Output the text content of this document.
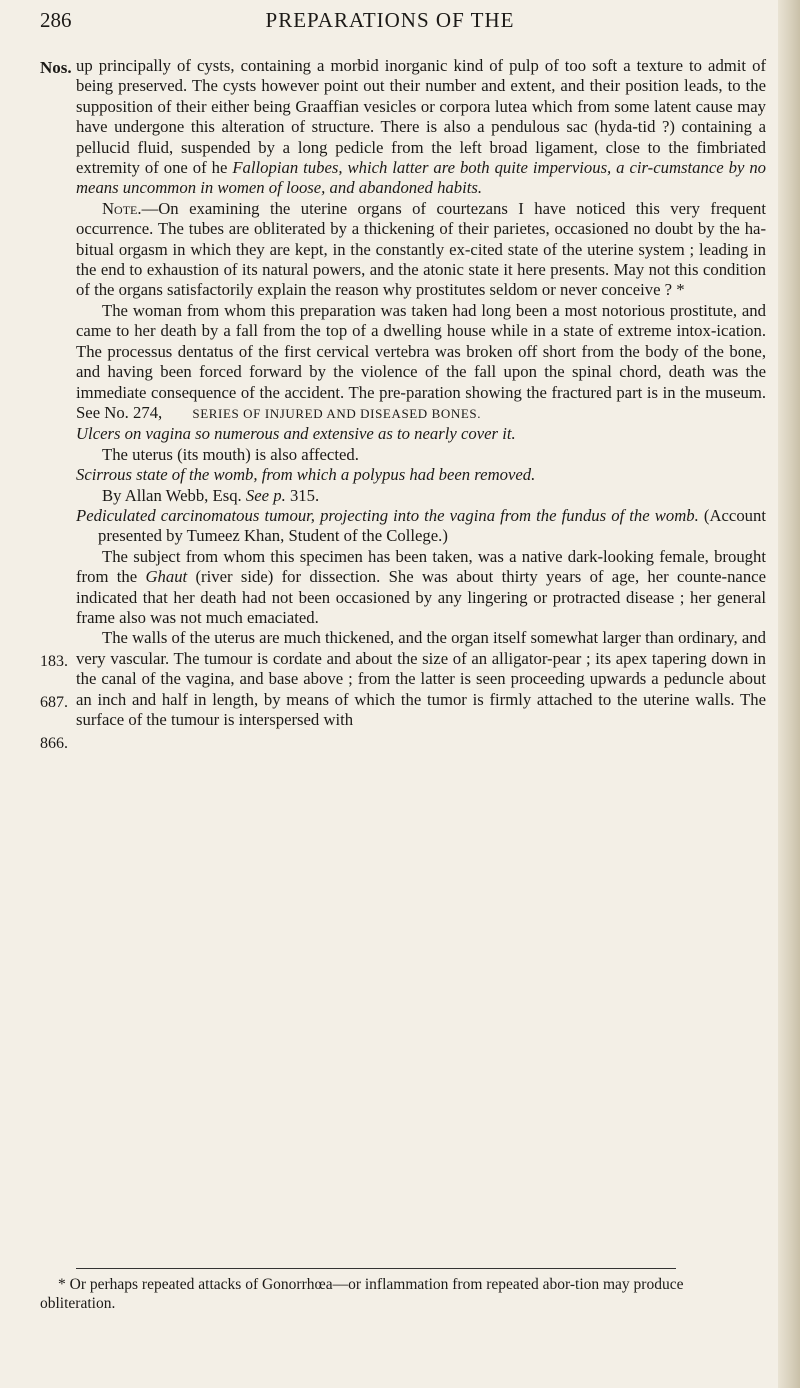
286	PREPARATIONS OF THE
Nos.
183.
687.
866.

up principally of cysts, containing a morbid inorganic kind of pulp of too soft a texture to admit of being preserved. The cysts however point out their number and extent, and their position leads, to the supposition of their either being Graaffian vesicles or corpora lutea which from some latent cause may have undergone this alteration of structure. There is also a pendulous sac (hyda-tid ?) containing a pellucid fluid, suspended by a long pedicle from the left broad ligament, close to the fimbriated extremity of one of he Fallopian tubes, which latter are both quite impervious, a cir-cumstance by no means uncommon in women of loose, and abandoned habits.

Note.—On examining the uterine organs of courtezans I have noticed this very frequent occurrence. The tubes are obliterated by a thickening of their parietes, occasioned no doubt by the ha-bitual orgasm in which they are kept, in the constantly ex-cited state of the uterine system ; leading in the end to exhaustion of its natural powers, and the atonic state it here presents. May not this condition of the organs satisfactorily explain the reason why prostitutes seldom or never conceive ? *

The woman from whom this preparation was taken had long been a most notorious prostitute, and came to her death by a fall from the top of a dwelling house while in a state of extreme intox-ication. The processus dentatus of the first cervical vertebra was broken off short from the body of the bone, and having been forced forward by the violence of the fall upon the spinal chord, death was the immediate consequence of the accident. The pre-paration showing the fractured part is in the museum. See No. 274, SERIES OF INJURED AND DISEASED BONES.

Ulcers on vagina so numerous and extensive as to nearly cover it.

The uterus (its mouth) is also affected.

Scirrous state of the womb, from which a polypus had been removed.

By Allan Webb, Esq. See p. 315.

Pediculated carcinomatous tumour, projecting into the vagina from the fundus of the womb. (Account presented by Tumeez Khan, Student of the College.)

The subject from whom this specimen has been taken, was a native dark-looking female, brought from the Ghaut (river side) for dissection. She was about thirty years of age, her counte-nance indicated that her death had not been occasioned by any lingering or protracted disease ; her general frame also was not much emaciated.

The walls of the uterus are much thickened, and the organ itself somewhat larger than ordinary, and very vascular. The tumour is cordate and about the size of an alligator-pear ; its apex tapering down in the canal of the vagina, and base above ; from the latter is seen proceeding upwards a peduncle about an inch and half in length, by means of which the tumor is firmly attached to the uterine walls. The surface of the tumour is interspersed with

* Or perhaps repeated attacks of Gonorrhœa—or inflammation from repeated abor-tion may produce obliteration.
